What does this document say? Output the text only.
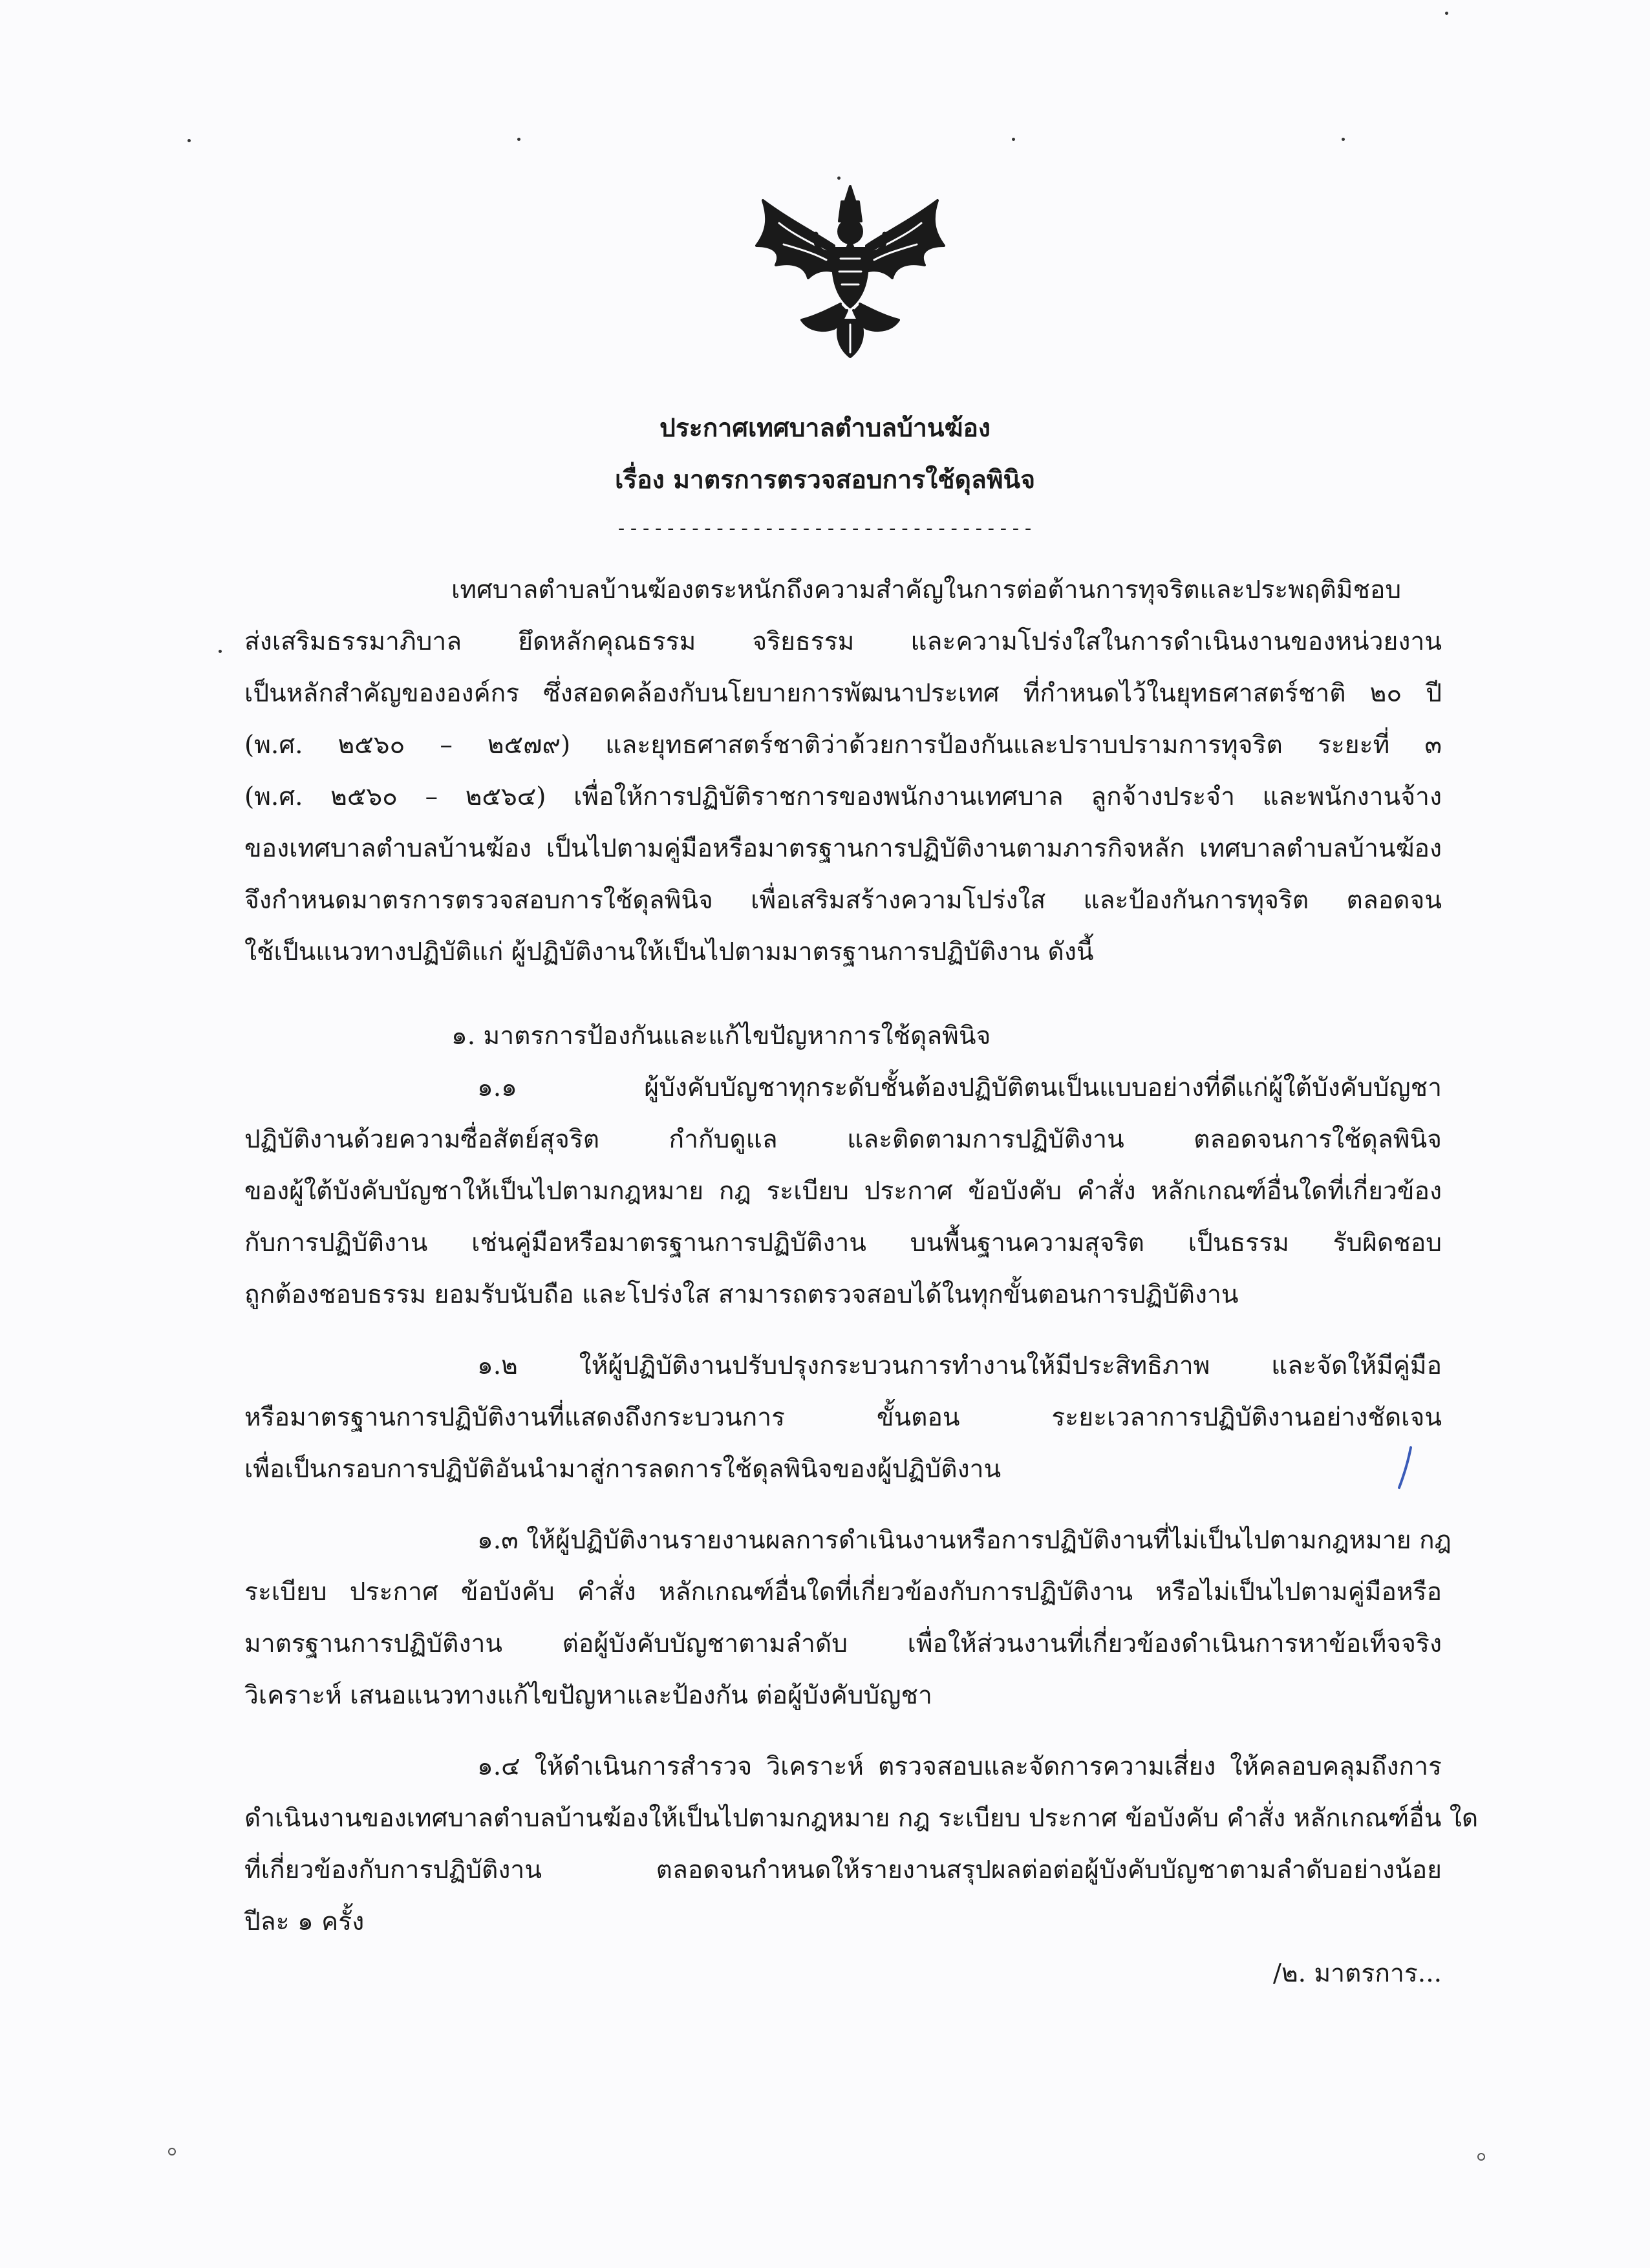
ประกาศเทศบาลตำบลบ้านฆ้อง
เรื่อง มาตรการตรวจสอบการใช้ดุลพินิจ
----------------------------------
เทศบาลตำบลบ้านฆ้องตระหนักถึงความสำคัญในการต่อต้านการทุจริตและประพฤติมิชอบ
ส่งเสริมธรรมาภิบาล ยึดหลักคุณธรรม จริยธรรม และความโปร่งใสในการดำเนินงานของหน่วยงาน
เป็นหลักสำคัญขององค์กร ซึ่งสอดคล้องกับนโยบายการพัฒนาประเทศ ที่กำหนดไว้ในยุทธศาสตร์ชาติ ๒๐ ปี
(พ.ศ. ๒๕๖๐ – ๒๕๗๙) และยุทธศาสตร์ชาติว่าด้วยการป้องกันและปราบปรามการทุจริต ระยะที่ ๓
(พ.ศ. ๒๕๖๐ – ๒๕๖๔) เพื่อให้การปฏิบัติราชการของพนักงานเทศบาล ลูกจ้างประจำ และพนักงานจ้าง
ของเทศบาลตำบลบ้านฆ้อง เป็นไปตามคู่มือหรือมาตรฐานการปฏิบัติงานตามภารกิจหลัก เทศบาลตำบลบ้านฆ้อง
จึงกำหนดมาตรการตรวจสอบการใช้ดุลพินิจ เพื่อเสริมสร้างความโปร่งใส และป้องกันการทุจริต ตลอดจน
ใช้เป็นแนวทางปฏิบัติแก่ ผู้ปฏิบัติงานให้เป็นไปตามมาตรฐานการปฏิบัติงาน ดังนี้
๑. มาตรการป้องกันและแก้ไขปัญหาการใช้ดุลพินิจ
๑.๑ ผู้บังคับบัญชาทุกระดับชั้นต้องปฏิบัติตนเป็นแบบอย่างที่ดีแก่ผู้ใต้บังคับบัญชา
ปฏิบัติงานด้วยความซื่อสัตย์สุจริต กำกับดูแล และติดตามการปฏิบัติงาน ตลอดจนการใช้ดุลพินิจ
ของผู้ใต้บังคับบัญชาให้เป็นไปตามกฎหมาย กฎ ระเบียบ ประกาศ ข้อบังคับ คำสั่ง หลักเกณฑ์อื่นใดที่เกี่ยวข้อง
กับการปฏิบัติงาน เช่นคู่มือหรือมาตรฐานการปฏิบัติงาน บนพื้นฐานความสุจริต เป็นธรรม รับผิดชอบ
ถูกต้องชอบธรรม ยอมรับนับถือ และโปร่งใส สามารถตรวจสอบได้ในทุกขั้นตอนการปฏิบัติงาน
๑.๒ ให้ผู้ปฏิบัติงานปรับปรุงกระบวนการทำงานให้มีประสิทธิภาพ และจัดให้มีคู่มือ
หรือมาตรฐานการปฏิบัติงานที่แสดงถึงกระบวนการ ขั้นตอน ระยะเวลาการปฏิบัติงานอย่างชัดเจน
เพื่อเป็นกรอบการปฏิบัติอันนำมาสู่การลดการใช้ดุลพินิจของผู้ปฏิบัติงาน
๑.๓ ให้ผู้ปฏิบัติงานรายงานผลการดำเนินงานหรือการปฏิบัติงานที่ไม่เป็นไปตามกฎหมาย กฎ
ระเบียบ ประกาศ ข้อบังคับ คำสั่ง หลักเกณฑ์อื่นใดที่เกี่ยวข้องกับการปฏิบัติงาน หรือไม่เป็นไปตามคู่มือหรือ
มาตรฐานการปฏิบัติงาน ต่อผู้บังคับบัญชาตามลำดับ เพื่อให้ส่วนงานที่เกี่ยวข้องดำเนินการหาข้อเท็จจริง
วิเคราะห์ เสนอแนวทางแก้ไขปัญหาและป้องกัน ต่อผู้บังคับบัญชา
๑.๔ ให้ดำเนินการสำรวจ วิเคราะห์ ตรวจสอบและจัดการความเสี่ยง ให้คลอบคลุมถึงการ
ดำเนินงานของเทศบาลตำบลบ้านฆ้องให้เป็นไปตามกฎหมาย กฎ ระเบียบ ประกาศ ข้อบังคับ คำสั่ง หลักเกณฑ์อื่น ใด
ที่เกี่ยวข้องกับการปฏิบัติงาน ตลอดจนกำหนดให้รายงานสรุปผลต่อต่อผู้บังคับบัญชาตามลำดับอย่างน้อย
ปีละ ๑ ครั้ง
/๒. มาตรการ...
